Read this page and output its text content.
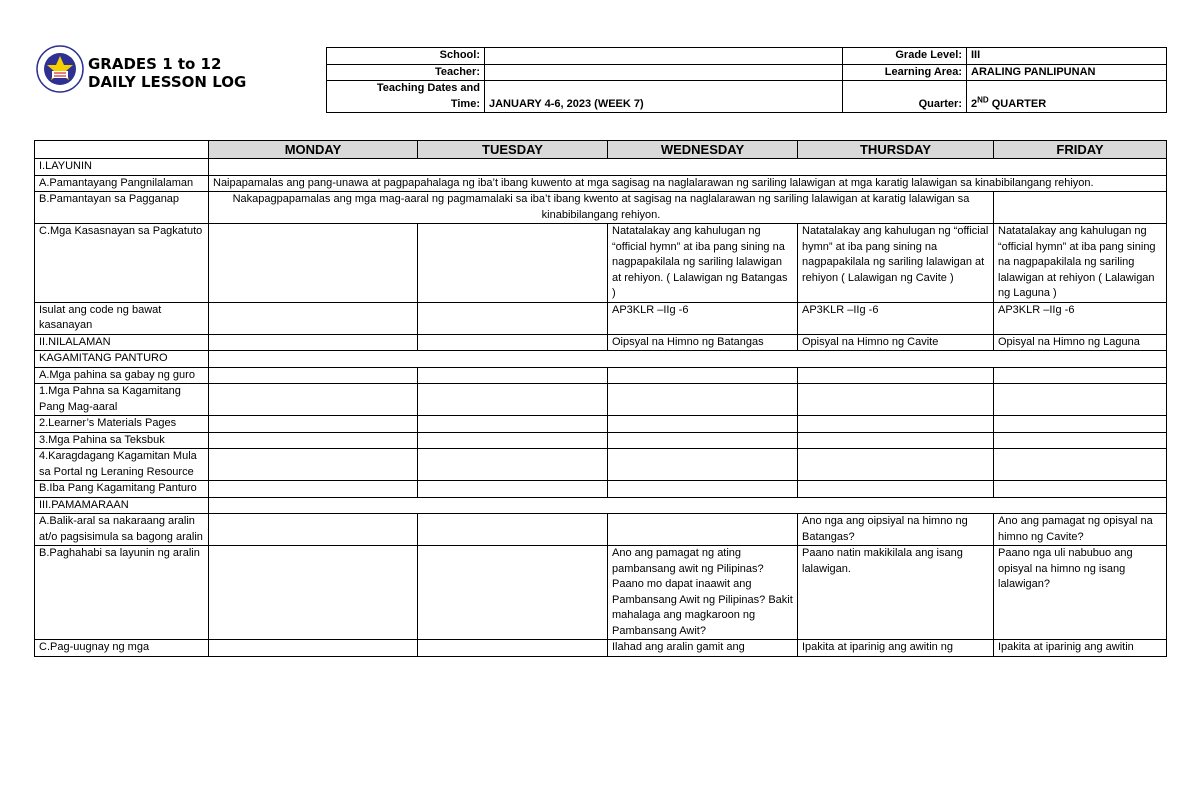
GRADES 1 to 12
DAILY LESSON LOG
School:		Grade Level:	III
Teacher:		Learning Area:	ARALING PANLIPUNAN

Teaching Dates and
Time:	JANUARY 4-6, 2023 (WEEK 7)	Quarter:	2ND QUARTER
	MONDAY	TUESDAY	WEDNESDAY	THURSDAY	FRIDAY
I.LAYUNIN					
A.Pamantayang Pangnilalaman	Naipapamalas ang pang-unawa at pagpapahalaga ng iba’t ibang kuwento at mga sagisag na naglalarawan ng sariling lalawigan at mga karatig lalawigan sa kinabibilangang rehiyon.				
B.Pamantayan sa Pagganap	Nakapagpapamalas ang mga mag-aaral ng pagmamalaki sa iba’t ibang kwento at sagisag na naglalarawan ng sariling lalawigan at karatig lalawigan sa kinabibilangang rehiyon.				
C.Mga Kasasnayan sa Pagkatuto			Natatalakay ang kahulugan ng “official hymn” at iba pang sining na nagpapakilala ng sariling lalawigan at rehiyon. ( Lalawigan ng Batangas )	Natatalakay ang kahulugan ng “official hymn” at iba pang sining na nagpapakilala ng sariling lalawigan at rehiyon ( Lalawigan ng Cavite )	Natatalakay ang kahulugan ng “official hymn” at iba pang sining na nagpapakilala ng sariling lalawigan at rehiyon ( Lalawigan ng Laguna )
Isulat ang code ng bawat kasanayan			AP3KLR –IIg -6	AP3KLR –IIg -6	AP3KLR –IIg -6
II.NILALAMAN			Oipsyal na Himno ng Batangas	Opisyal na Himno ng Cavite	Opisyal na Himno ng Laguna
KAGAMITANG PANTURO					
A.Mga pahina sa gabay ng guro					
1.Mga Pahna sa Kagamitang Pang Mag-aaral					
2.Learner’s Materials Pages					
3.Mga Pahina sa Teksbuk					
4.Karagdagang Kagamitan Mula sa Portal ng Leraning Resource					
B.Iba Pang Kagamitang Panturo					
III.PAMAMARAAN					
A.Balik-aral sa nakaraang aralin at/o pagsisimula sa bagong aralin				Ano nga ang oipsiyal na himno ng Batangas?	Ano ang pamagat ng opisyal na himno ng Cavite?
B.Paghahabi sa layunin ng aralin			Ano ang pamagat ng ating pambansang awit ng Pilipinas? Paano mo dapat inaawit ang Pambansang Awit ng Pilipinas? Bakit mahalaga ang magkaroon ng Pambansang Awit?	Paano natin makikilala ang isang lalawigan.	Paano nga uli nabubuo ang opisyal na himno ng isang lalawigan?
C.Pag-uugnay ng mga			Ilahad ang aralin gamit ang	Ipakita at iparinig ang awitin ng	Ipakita at iparinig ang awitin
